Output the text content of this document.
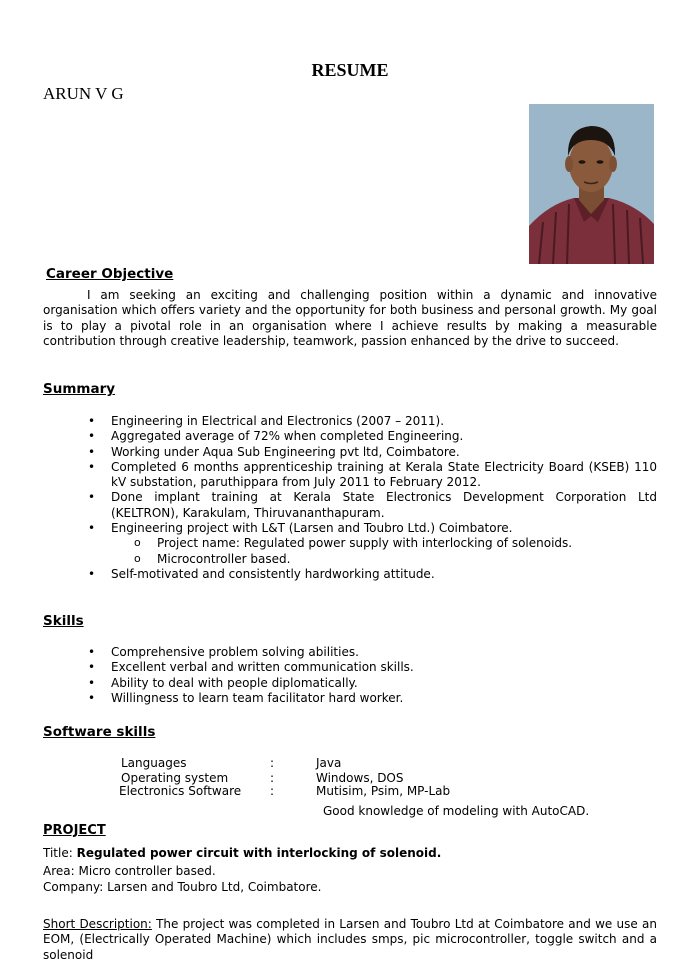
RESUME
ARUN V G
Career Objective
I am seeking an exciting and challenging position within a dynamic and innovative organisation which offers variety and the opportunity for both business and personal growth. My goal is to play a pivotal role in an organisation where I achieve results by making a measurable contribution through creative leadership, teamwork, passion enhanced by the drive to succeed.
Summary
• Engineering in Electrical and Electronics (2007 – 2011).
• Aggregated average of 72% when completed Engineering.
• Working under Aqua Sub Engineering pvt ltd, Coimbatore.
• Completed 6 months apprenticeship training at Kerala State Electricity Board (KSEB) 110 kV substation, paruthippara from July 2011 to February 2012.
• Done implant training at Kerala State Electronics Development Corporation Ltd (KELTRON), Karakulam, Thiruvananthapuram.
• Engineering project with L&T (Larsen and Toubro Ltd.) Coimbatore.
o Project name: Regulated power supply with interlocking of solenoids.
o Microcontroller based.
• Self-motivated and consistently hardworking attitude.
Skills
• Comprehensive problem solving abilities.
• Excellent verbal and written communication skills.
• Ability to deal with people diplomatically.
• Willingness to learn team facilitator hard worker.
Software skills
Languages	:	Java
Operating system	:	Windows, DOS
Electronics Software :	Mutisim, Psim, MP-Lab
Good knowledge of modeling with AutoCAD.
PROJECT
Title: Regulated power circuit with interlocking of solenoid.
Area: Micro controller based.
Company: Larsen and Toubro Ltd, Coimbatore.
Short Description: The project was completed in Larsen and Toubro Ltd at Coimbatore and we use an EOM, (Electrically Operated Machine) which includes smps, pic microcontroller, toggle switch and a solenoid
